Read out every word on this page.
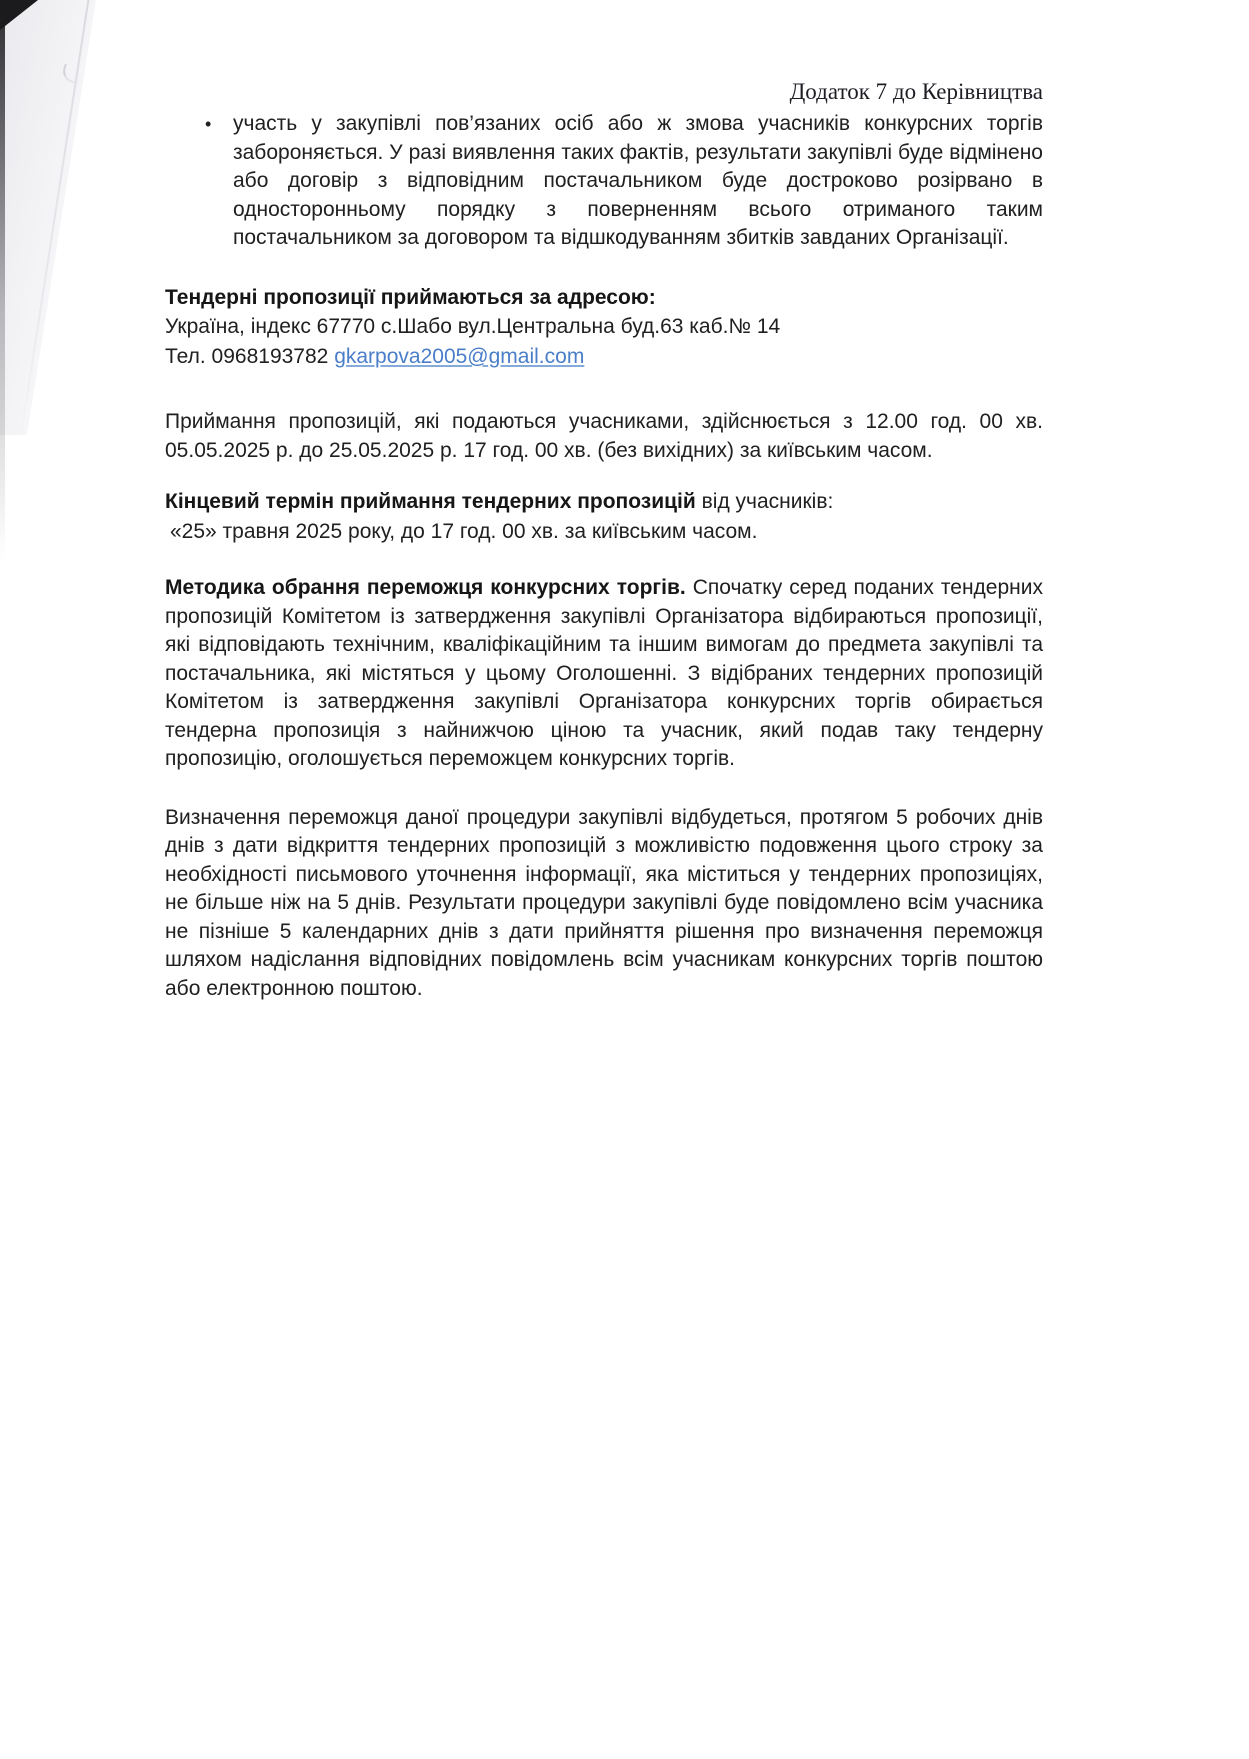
Додаток 7 до Керівництва

•	участь у закупівлі пов’язаних осіб або ж змова учасників конкурсних торгів забороняється. У разі виявлення таких фактів, результати закупівлі буде відмінено або договір з відповідним постачальником буде достроково розірвано в односторонньому порядку з поверненням всього отриманого таким постачальником за договором та відшкодуванням збитків завданих Організації.

Тендерні пропозиції приймаються за адресою:

Україна, індекс 67770 с.Шабо вул.Центральна буд.63 каб.№ 14

Тел. 0968193782 gkarpova2005@gmail.com

Приймання пропозицій, які подаються учасниками, здійснюється з 12.00 год. 00 хв. 05.05.2025 р. до 25.05.2025 р. 17 год. 00 хв. (без вихідних) за київським часом.

Кінцевий термін приймання тендерних пропозицій від учасників:

«25» травня 2025 року, до 17 год. 00 хв. за київським часом.

Методика обрання переможця конкурсних торгів. Спочатку серед поданих тендерних пропозицій Комітетом із затвердження закупівлі Організатора відбираються пропозиції, які відповідають технічним, кваліфікаційним та іншим вимогам до предмета закупівлі та постачальника, які містяться у цьому Оголошенні. З відібраних тендерних пропозицій Комітетом із затвердження закупівлі Організатора конкурсних торгів обирається тендерна пропозиція з найнижчою ціною та учасник, який подав таку тендерну пропозицію, оголошується переможцем конкурсних торгів.

Визначення переможця даної процедури закупівлі відбудеться, протягом 5 робочих днів днів з дати відкриття тендерних пропозицій з можливістю подовження цього строку за необхідності письмового уточнення інформації, яка міститься у тендерних пропозиціях, не більше ніж на 5 днів. Результати процедури закупівлі буде повідомлено всім учасника не пізніше 5 календарних днів з дати прийняття рішення про визначення переможця шляхом надіслання відповідних повідомлень всім учасникам конкурсних торгів поштою або електронною поштою.
